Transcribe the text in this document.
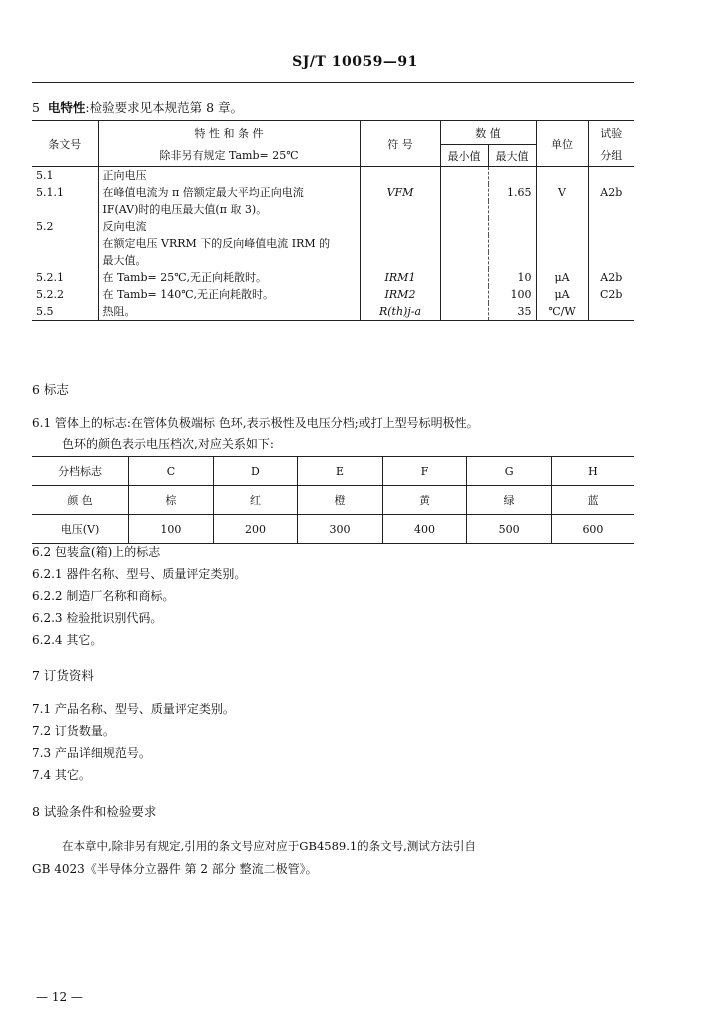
SJ/T 10059—91
5 电特性:检验要求见本规范第 8 章。
条文号	特 性 和 条 件	符 号	数 值		单位	试验
	除非另有规定 Tamb= 25℃		最小值	最大值		分组
5.1	正向电压					
5.1.1	在峰值电流为 π 倍额定最大平均正向电流	VFM		1.65	V	A2b
	IF(AV)时的电压最大值(π 取 3)。					
5.2	反向电流					
	在额定电压 VRRM 下的反向峰值电流 IRM 的					
	最大值。					
5.2.1	在 Tamb= 25℃,无正向耗散时。	IRM1		10	μA	A2b
5.2.2	在 Tamb= 140℃,无正向耗散时。	IRM2		100	μA	C2b
5.5	热阻。	R(th)j-a		35	℃/W	
6 标志
6.1 管体上的标志:在管体负极端标 色环,表示极性及电压分档;或打上型号标明极性。
色环的颜色表示电压档次,对应关系如下:
分档标志	C	D	E	F	G	H
颜 色	棕	红	橙	黄	绿	蓝
电压(V)	100	200	300	400	500	600
6.2 包装盒(箱)上的标志
6.2.1 器件名称、型号、质量评定类别。
6.2.2 制造厂名称和商标。
6.2.3 检验批识别代码。
6.2.4 其它。
7 订货资料
7.1 产品名称、型号、质量评定类别。
7.2 订货数量。
7.3 产品详细规范号。
7.4 其它。
8 试验条件和检验要求
在本章中,除非另有规定,引用的条文号应对应于GB4589.1的条文号,测试方法引自
GB 4023《半导体分立器件 第 2 部分 整流二极管》。
— 12 —
